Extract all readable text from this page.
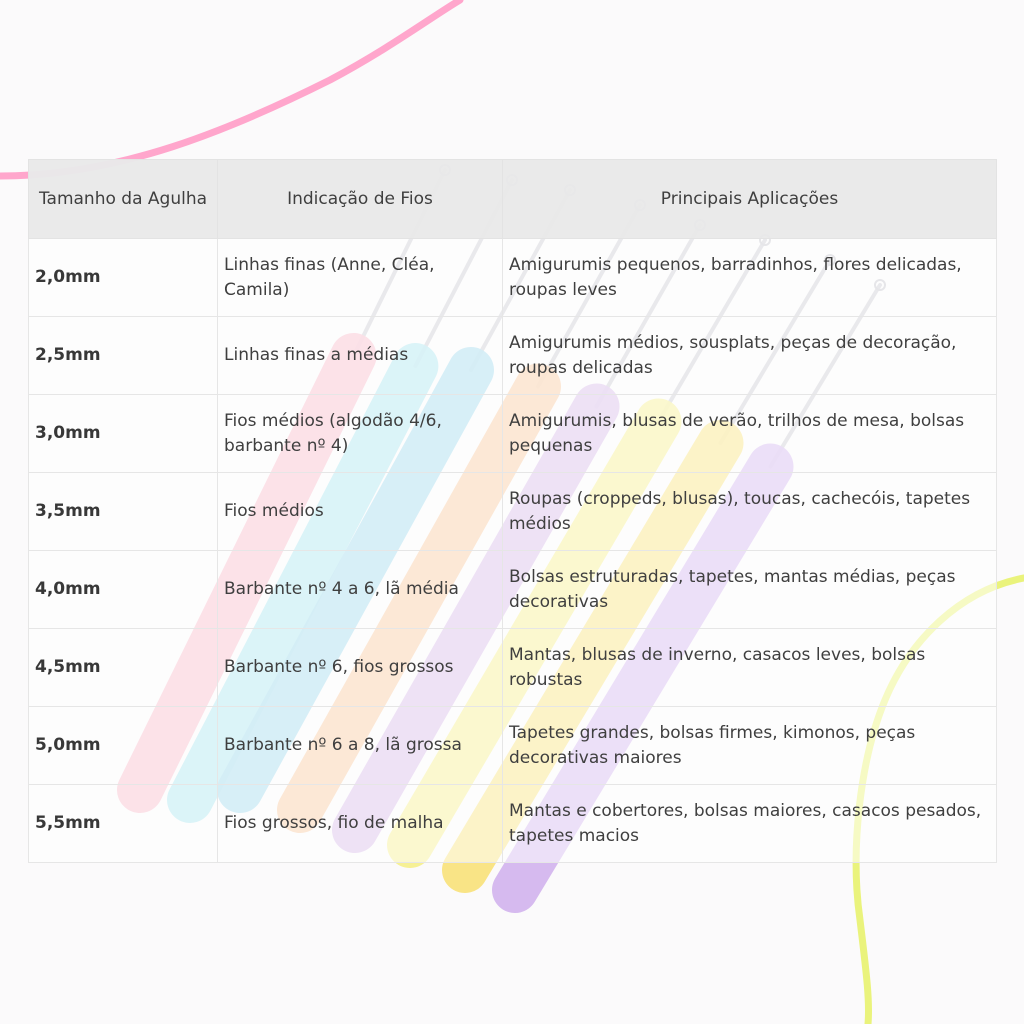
Tamanho da Agulha	Indicação de Fios	Principais Aplicações
2,0mm	Linhas finas (Anne, Cléa, Camila)	Amigurumis pequenos, barradinhos, flores delicadas, roupas leves
2,5mm	Linhas finas a médias	Amigurumis médios, sousplats, peças de decoração, roupas delicadas
3,0mm	Fios médios (algodão 4/6, barbante nº 4)	Amigurumis, blusas de verão, trilhos de mesa, bolsas pequenas
3,5mm	Fios médios	Roupas (croppeds, blusas), toucas, cachecóis, tapetes médios
4,0mm	Barbante nº 4 a 6, lã média	Bolsas estruturadas, tapetes, mantas médias, peças decorativas
4,5mm	Barbante nº 6, fios grossos	Mantas, blusas de inverno, casacos leves, bolsas robustas
5,0mm	Barbante nº 6 a 8, lã grossa	Tapetes grandes, bolsas firmes, kimonos, peças decorativas maiores
5,5mm	Fios grossos, fio de malha	Mantas e cobertores, bolsas maiores, casacos pesados, tapetes macios
